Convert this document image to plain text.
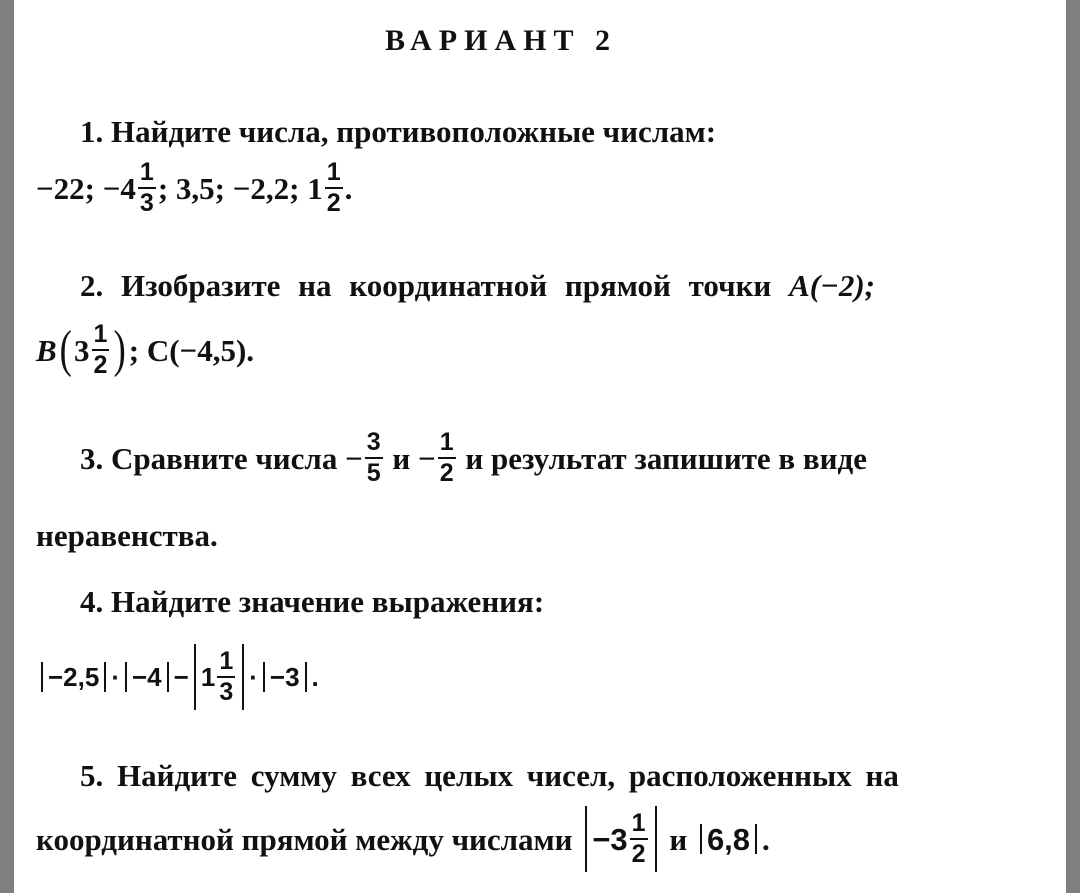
ВАРИАНТ 2
1. Найдите числа, противоположные числам:
−22;
$-4 \frac{1}{3}$ ; 3,5; −2,2; $1 \frac{1}{2}$ .
2. Изобразите на координатной прямой точки A(−2);
B ( $3 \frac{1}{2}$ ) ; C(−4,5).
3.
Сравните числа
− $\frac{3}{5}$
и
− $\frac{1}{2}$
и результат запишите в виде
неравенства.
4. Найдите значение выражения:
$-2,5 \cdot -4 - 1 \frac{1}{3} \cdot -3$ .
5. Найдите сумму всех целых чисел, расположенных на
координатной прямой между числами
$-3 \frac{1}{2}$
и
6,8 .
